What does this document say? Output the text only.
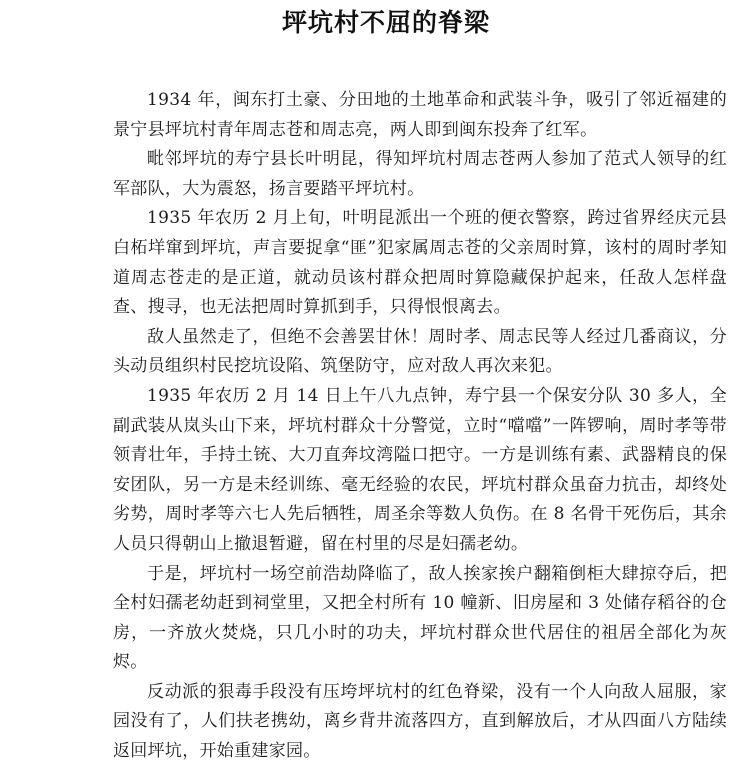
坪坑村不屈的脊梁

1934 年，闽东打土豪、分田地的土地革命和武装斗争，吸引了邻近福建的景宁县坪坑村青年周志苍和周志亮，两人即到闽东投奔了红军。

毗邻坪坑的寿宁县长叶明昆，得知坪坑村周志苍两人参加了范式人领导的红军部队，大为震怒，扬言要踏平坪坑村。

1935 年农历 2 月上旬，叶明昆派出一个班的便衣警察，跨过省界经庆元县白柘垟窜到坪坑，声言要捉拿“匪”犯家属周志苍的父亲周时算，该村的周时孝知道周志苍走的是正道，就动员该村群众把周时算隐藏保护起来，任敌人怎样盘查、搜寻，也无法把周时算抓到手，只得恨恨离去。

敌人虽然走了，但绝不会善罢甘休！周时孝、周志民等人经过几番商议，分头动员组织村民挖坑设陷、筑堡防守，应对敌人再次来犯。

1935 年农历 2 月 14 日上午八九点钟，寿宁县一个保安分队 30 多人，全副武装从岚头山下来，坪坑村群众十分警觉，立时“噹噹”一阵锣响，周时孝等带领青壮年，手持土铳、大刀直奔坟湾隘口把守。一方是训练有素、武器精良的保安团队，另一方是未经训练、毫无经验的农民，坪坑村群众虽奋力抗击，却终处劣势，周时孝等六七人先后牺牲，周圣余等数人负伤。在 8 名骨干死伤后，其余人员只得朝山上撤退暂避，留在村里的尽是妇孺老幼。

于是，坪坑村一场空前浩劫降临了，敌人挨家挨户翻箱倒柜大肆掠夺后，把全村妇孺老幼赶到祠堂里，又把全村所有 10 幢新、旧房屋和 3 处储存稻谷的仓房，一齐放火焚烧，只几小时的功夫，坪坑村群众世代居住的祖居全部化为灰烬。

反动派的狠毒手段没有压垮坪坑村的红色脊梁，没有一个人向敌人屈服，家园没有了，人们扶老携幼，离乡背井流落四方，直到解放后，才从四面八方陆续返回坪坑，开始重建家园。
